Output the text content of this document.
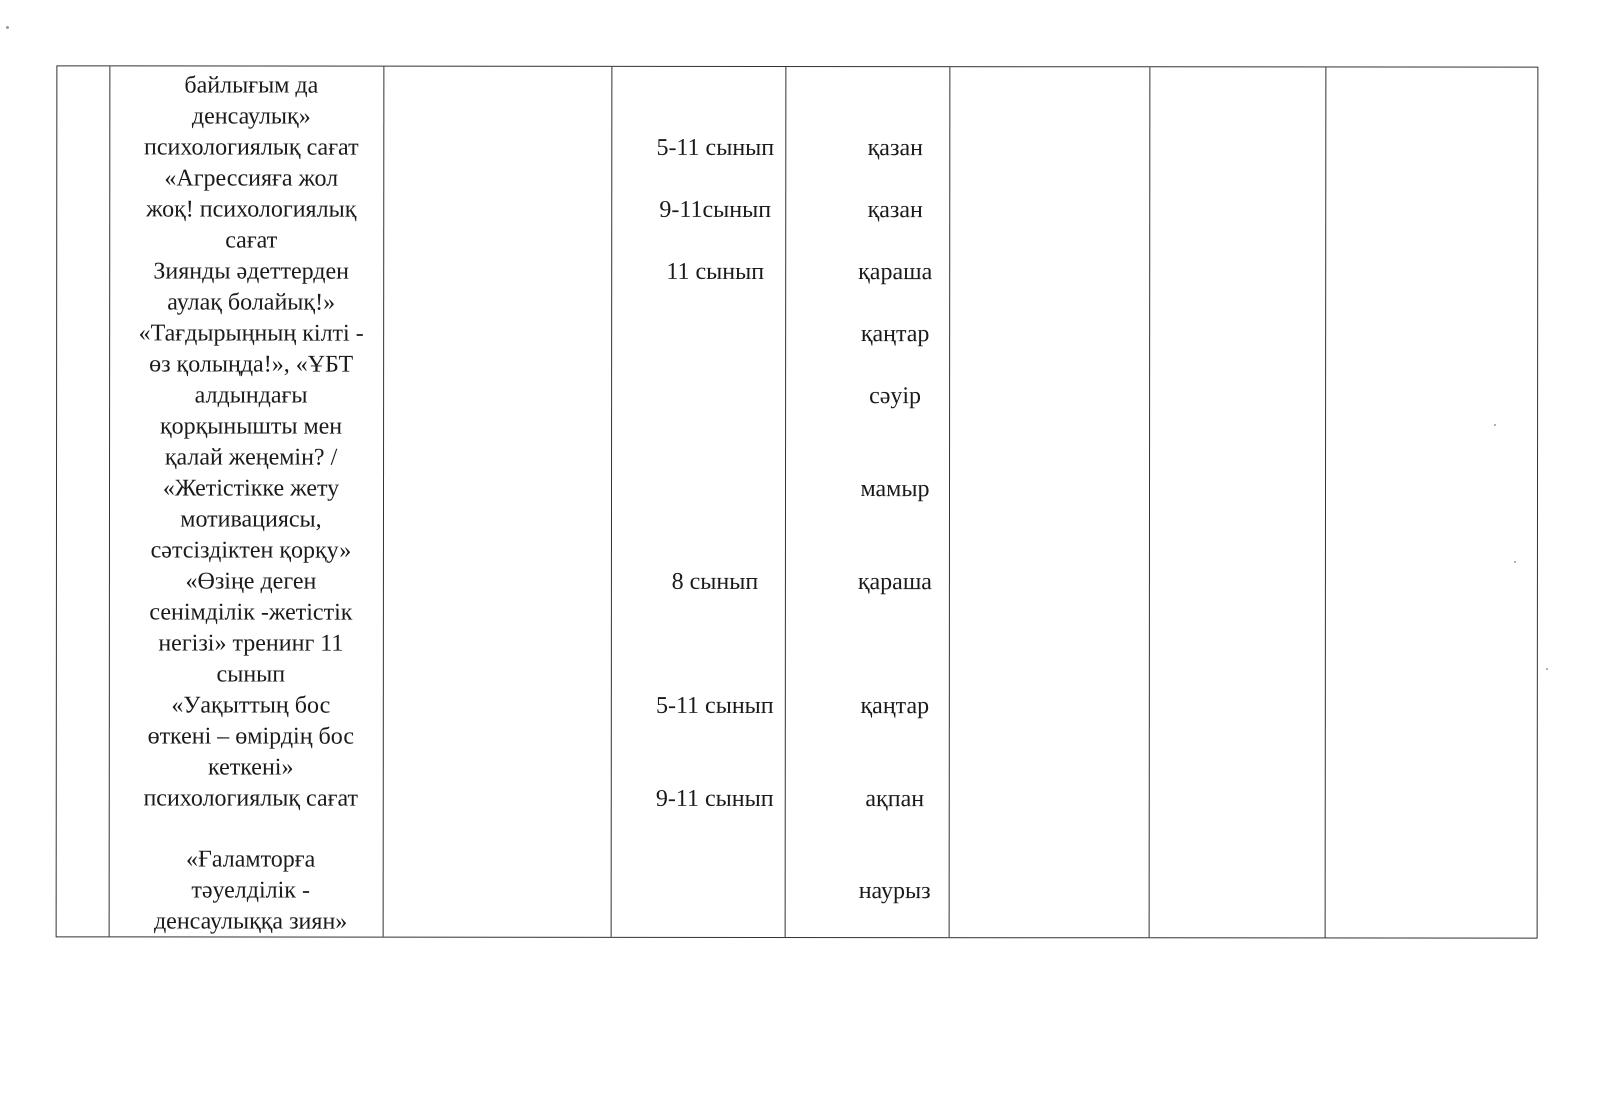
байлығым да
денсаулық»
психологиялық сағат
«Агрессияға жол
жоқ! психологиялық
сағат
Зиянды әдеттерден
аулақ болайық!»
«Тағдырыңның кілті -
өз қолыңда!», «ҰБТ
алдындағы
қорқынышты мен
қалай жеңемін? /
«Жетістікке жету
мотивациясы,
сәтсіздіктен қорқу»
«Өзіңе деген
сенімділік -жетістік
негізі» тренинг 11
сынып
«Уақыттың бос
өткені – өмірдің бос
кеткені»
психологиялық сағат
«Ғаламторға
тәуелділік -
денсаулыққа зиян»
5-11 сынып
9-11сынып
11 сынып
8 сынып
5-11 сынып
9-11 сынып
қазан
қазан
қараша
қаңтар
сәуір
мамыр
қараша
қаңтар
ақпан
наурыз
